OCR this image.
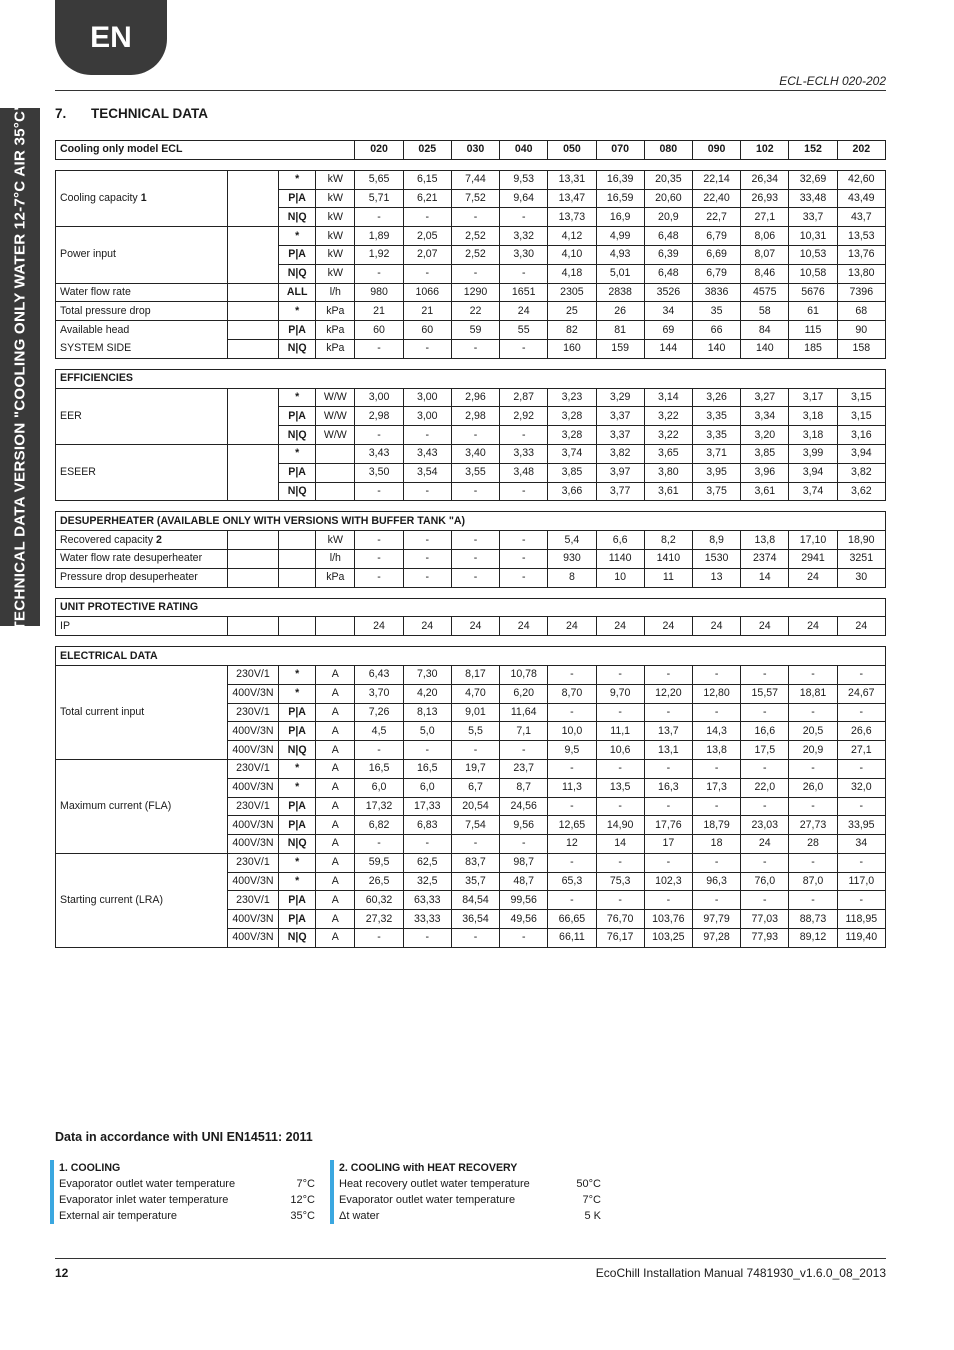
EN
ECL-ECLH 020-202
TECHNICAL DATA VERSION "COOLING ONLY WATER 12-7°C AIR 35°C" 7. TECHNICAL DATA
Cooling only model ECL				020	025	030	040	050	070	080	090	102	152	202

Cooling capacity 1		*	kW	5,65	6,15	7,44	9,53	13,31	16,39	20,35	22,14	26,34	32,69	42,60
		P|A	kW	5,71	6,21	7,52	9,64	13,47	16,59	20,60	22,40	26,93	33,48	43,49
		N|Q	kW	-	-	-	-	13,73	16,9	20,9	22,7	27,1	33,7	43,7
Power input		*	kW	1,89	2,05	2,52	3,32	4,12	4,99	6,48	6,79	8,06	10,31	13,53
		P|A	kW	1,92	2,07	2,52	3,30	4,10	4,93	6,39	6,69	8,07	10,53	13,76
		N|Q	kW	-	-	-	-	4,18	5,01	6,48	6,79	8,46	10,58	13,80
Water flow rate		ALL	l/h	980	1066	1290	1651	2305	2838	3526	3836	4575	5676	7396
Total pressure drop		*	kPa	21	21	22	24	25	26	34	35	58	61	68
Available head		P|A	kPa	60	60	59	55	82	81	69	66	84	115	90
SYSTEM SIDE		N|Q	kPa	-	-	-	-	160	159	144	140	140	185	158

EFFICIENCIES														
EER		*	W/W	3,00	3,00	2,96	2,87	3,23	3,29	3,14	3,26	3,27	3,17	3,15
		P|A	W/W	2,98	3,00	2,98	2,92	3,28	3,37	3,22	3,35	3,34	3,18	3,15
		N|Q	W/W	-	-	-	-	3,28	3,37	3,22	3,35	3,20	3,18	3,16
ESEER		*		3,43	3,43	3,40	3,33	3,74	3,82	3,65	3,71	3,85	3,99	3,94
		P|A		3,50	3,54	3,55	3,48	3,85	3,97	3,80	3,95	3,96	3,94	3,82
		N|Q		-	-	-	-	3,66	3,77	3,61	3,75	3,61	3,74	3,62

DESUPERHEATER (AVAILABLE ONLY WITH VERSIONS WITH BUFFER TANK "A)														
Recovered capacity 2			kW	-	-	-	-	5,4	6,6	8,2	8,9	13,8	17,10	18,90
Water flow rate desuperheater			l/h	-	-	-	-	930	1140	1410	1530	2374	2941	3251
Pressure drop desuperheater			kPa	-	-	-	-	8	10	11	13	14	24	30

UNIT PROTECTIVE RATING														
IP				24	24	24	24	24	24	24	24	24	24	24

ELECTRICAL DATA														
Total current input	230V/1	*	A	6,43	7,30	8,17	10,78	-	-	-	-	-	-	-
	400V/3N	*	A	3,70	4,20	4,70	6,20	8,70	9,70	12,20	12,80	15,57	18,81	24,67
	230V/1	P|A	A	7,26	8,13	9,01	11,64	-	-	-	-	-	-	-
	400V/3N	P|A	A	4,5	5,0	5,5	7,1	10,0	11,1	13,7	14,3	16,6	20,5	26,6
	400V/3N	N|Q	A	-	-	-	-	9,5	10,6	13,1	13,8	17,5	20,9	27,1
Maximum current (FLA)	230V/1	*	A	16,5	16,5	19,7	23,7	-	-	-	-	-	-	-
	400V/3N	*	A	6,0	6,0	6,7	8,7	11,3	13,5	16,3	17,3	22,0	26,0	32,0
	230V/1	P|A	A	17,32	17,33	20,54	24,56	-	-	-	-	-	-	-
	400V/3N	P|A	A	6,82	6,83	7,54	9,56	12,65	14,90	17,76	18,79	23,03	27,73	33,95
	400V/3N	N|Q	A	-	-	-	-	12	14	17	18	24	28	34
Starting current (LRA)	230V/1	*	A	59,5	62,5	83,7	98,7	-	-	-	-	-	-	-
	400V/3N	*	A	26,5	32,5	35,7	48,7	65,3	75,3	102,3	96,3	76,0	87,0	117,0
	230V/1	P|A	A	60,32	63,33	84,54	99,56	-	-	-	-	-	-	-
	400V/3N	P|A	A	27,32	33,33	36,54	49,56	66,65	76,70	103,76	97,79	77,03	88,73	118,95
	400V/3N	N|Q	A	-	-	-	-	66,11	76,17	103,25	97,28	77,93	89,12	119,40
Data in accordance with UNI EN14511: 2011
1. COOLING
Evaporator outlet water temperature	7°C
Evaporator inlet water temperature	12°C
External air temperature	35°C
2. COOLING with HEAT RECOVERY
Heat recovery outlet water temperature	50°C
Evaporator outlet water temperature	7°C
Δt water	5 K
12	EcoChill Installation Manual 7481930_v1.6.0_08_2013
